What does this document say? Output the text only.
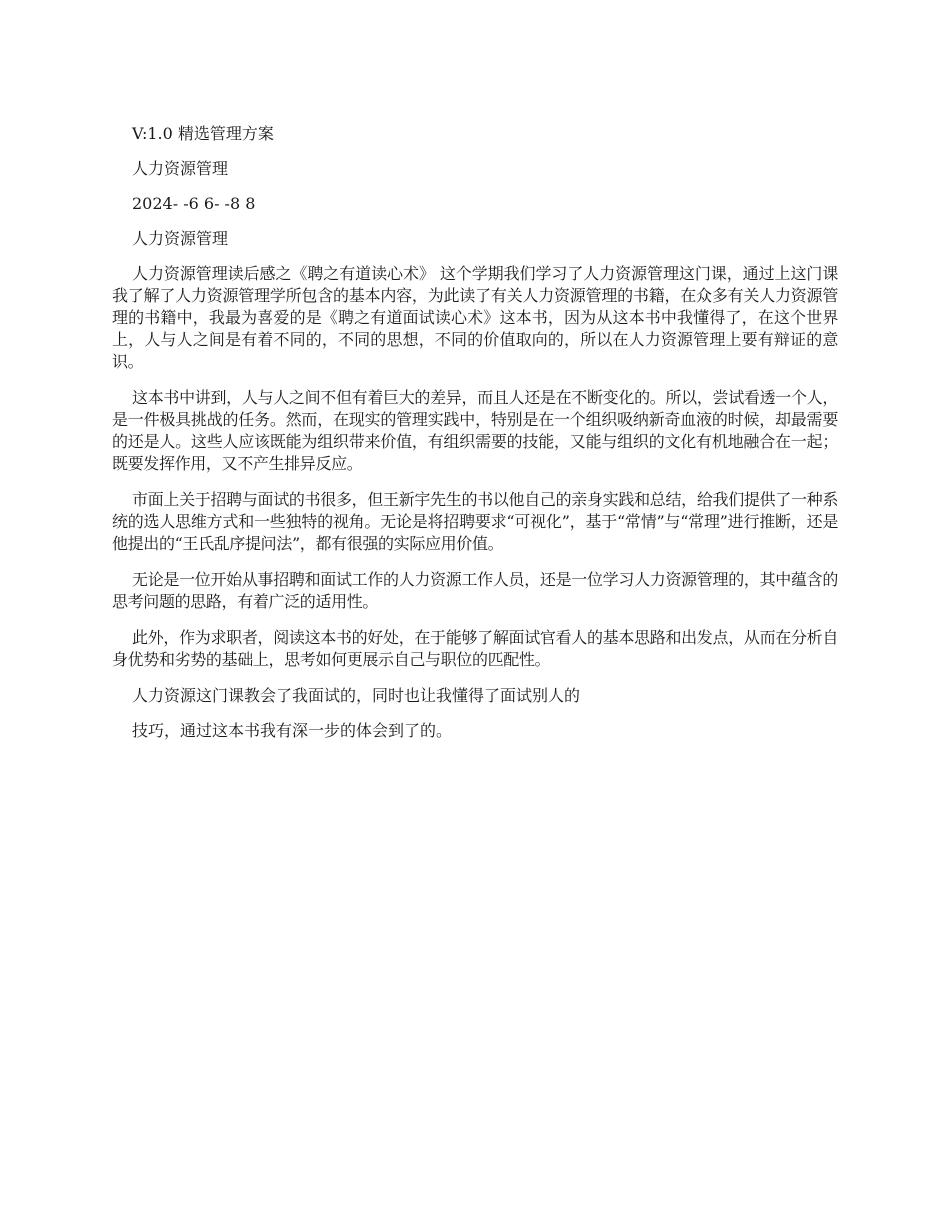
V:1.0 精选管理方案
人力资源管理
2024- -6 6- -8 8
人力资源管理

人力资源管理读后感之《聘之有道读心术》 这个学期我们学习了人力资源管理这门课，通过上这门课我了解了人力资源管理学所包含的基本内容，为此读了有关人力资源管理的书籍，在众多有关人力资源管理的书籍中，我最为喜爱的是《聘之有道面试读心术》这本书，因为从这本书中我懂得了，在这个世界上，人与人之间是有着不同的，不同的思想，不同的价值取向的，所以在人力资源管理上要有辩证的意识。

这本书中讲到，人与人之间不但有着巨大的差异，而且人还是在不断变化的。所以，尝试看透一个人，是一件极具挑战的任务。然而，在现实的管理实践中，特别是在一个组织吸纳新奇血液的时候，却最需要的还是人。这些人应该既能为组织带来价值，有组织需要的技能，又能与组织的文化有机地融合在一起；既要发挥作用，又不产生排异反应。

市面上关于招聘与面试的书很多，但王新宇先生的书以他自己的亲身实践和总结，给我们提供了一种系统的选人思维方式和一些独特的视角。无论是将招聘要求“可视化”，基于“常情”与“常理”进行推断，还是他提出的“王氏乱序提问法”，都有很强的实际应用价值。

无论是一位开始从事招聘和面试工作的人力资源工作人员，还是一位学习人力资源管理的，其中蕴含的思考问题的思路，有着广泛的适用性。

此外，作为求职者，阅读这本书的好处，在于能够了解面试官看人的基本思路和出发点，从而在分析自身优势和劣势的基础上，思考如何更展示自己与职位的匹配性。

人力资源这门课教会了我面试的，同时也让我懂得了面试别人的
技巧，通过这本书我有深一步的体会到了的。
